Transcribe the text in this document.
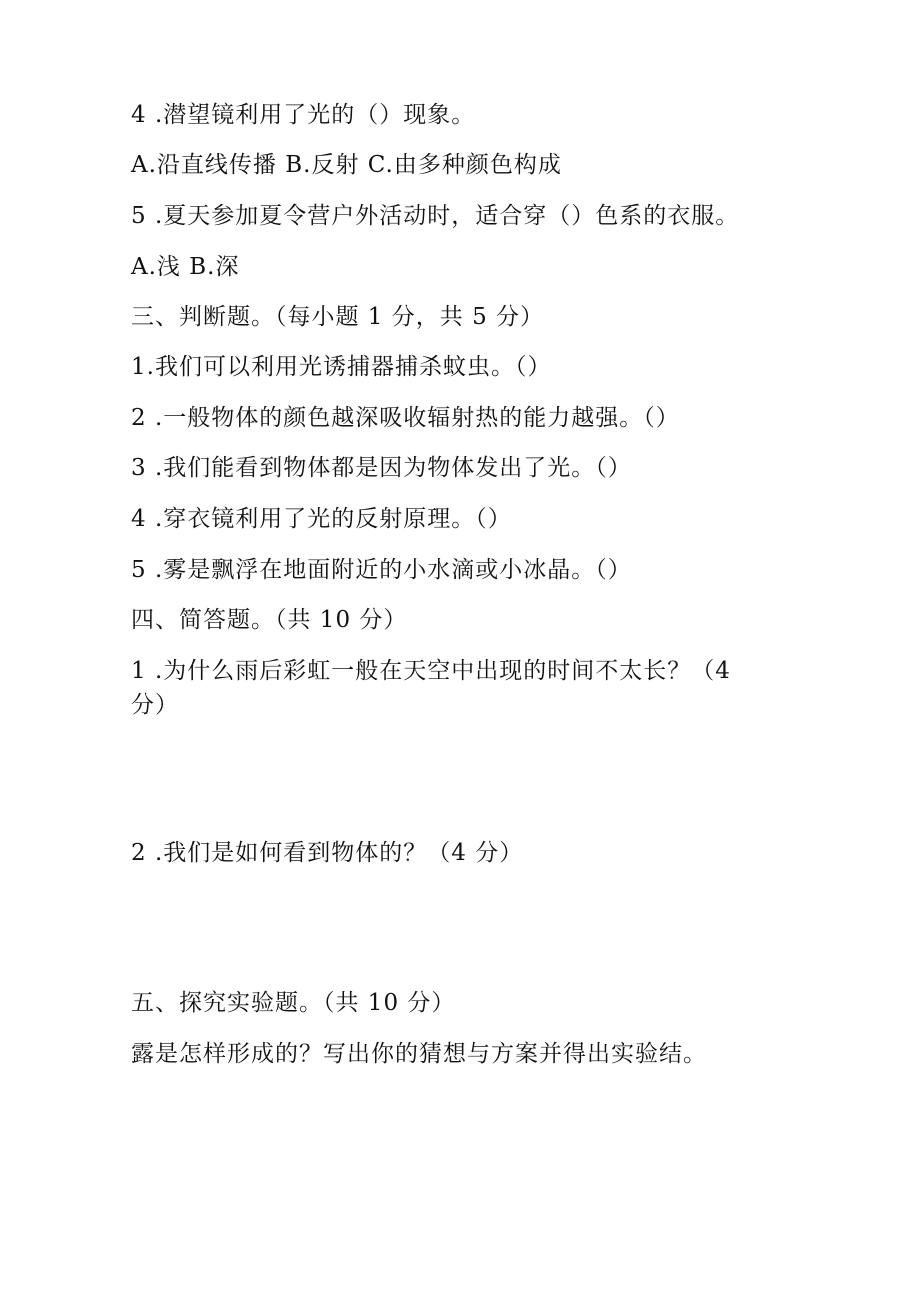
4 .潜望镜利用了光的（）现象。
A.沿直线传播 B.反射 C.由多种颜色构成
5 .夏天参加夏令营户外活动时，适合穿（）色系的衣服。
A.浅 B.深
三、判断题。（每小题 1 分，共 5 分）
1.我们可以利用光诱捕器捕杀蚊虫。（）
2 .一般物体的颜色越深吸收辐射热的能力越强。（）
3 .我们能看到物体都是因为物体发出了光。（）
4 .穿衣镜利用了光的反射原理。（）
5 .雾是飘浮在地面附近的小水滴或小冰晶。（）
四、简答题。（共 10 分）
1 .为什么雨后彩虹一般在天空中出现的时间不太长？（4 分）
2 .我们是如何看到物体的？（4 分）
五、探究实验题。（共 10 分）
露是怎样形成的？写出你的猜想与方案并得出实验结。
